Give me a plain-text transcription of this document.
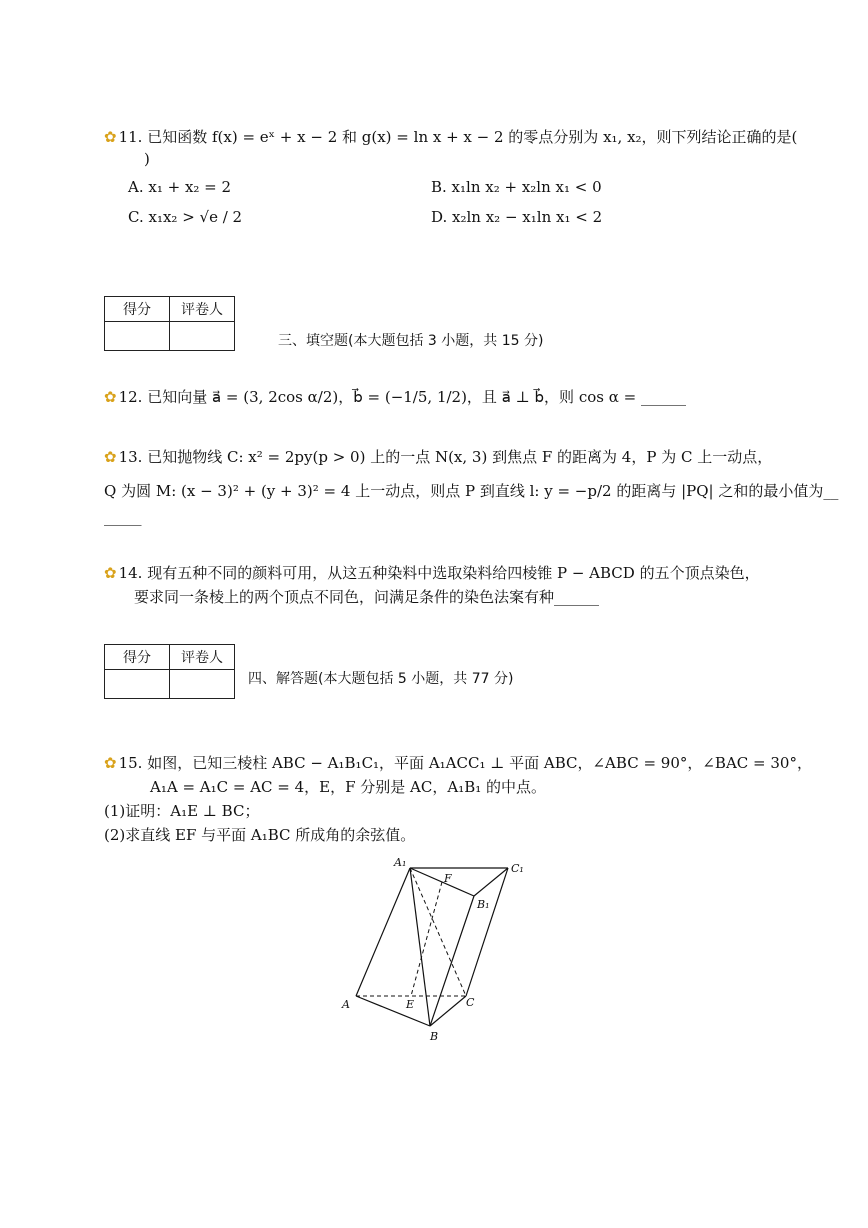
✿ 11. 已知函数 f(x) = eˣ + x − 2 和 g(x) = ln x + x − 2 的零点分别为 x₁, x₂，则下列结论正确的是(
)
A. x₁ + x₂ = 2	B. x₁ln x₂ + x₂ln x₁ < 0
C. x₁x₂ > √e / 2	D. x₂ln x₂ − x₁ln x₁ < 2
得分	评卷人

三、填空题(本大题包括 3 小题，共 15 分)
✿ 12. 已知向量 a⃗ = (3, 2cos α/2)，b⃗ = (−1/5, 1/2)，且 a⃗ ⊥ b⃗，则 cos α = ______
✿ 13. 已知抛物线 C: x² = 2py(p > 0) 上的一点 N(x, 3) 到焦点 F 的距离为 4，P 为 C 上一动点，
Q 为圆 M: (x − 3)² + (y + 3)² = 4 上一动点，则点 P 到直线 l: y = −p/2 的距离与 |PQ| 之和的最小值为__
_____
✿ 14. 现有五种不同的颜料可用，从这五种染料中选取染料给四棱锥 P − ABCD 的五个顶点染色，
要求同一条棱上的两个顶点不同色，问满足条件的染色法案有种______
得分	评卷人

四、解答题(本大题包括 5 小题，共 77 分)
✿ 15. 如图，已知三棱柱 ABC − A₁B₁C₁，平面 A₁ACC₁ ⊥ 平面 ABC，∠ABC = 90°，∠BAC = 30°，
A₁A = A₁C = AC = 4，E，F 分别是 AC，A₁B₁ 的中点。
(1)证明：A₁E ⊥ BC；
(2)求直线 EF 与平面 A₁BC 所成角的余弦值。
A₁	C₁
F
B₁
A	E	C
B
